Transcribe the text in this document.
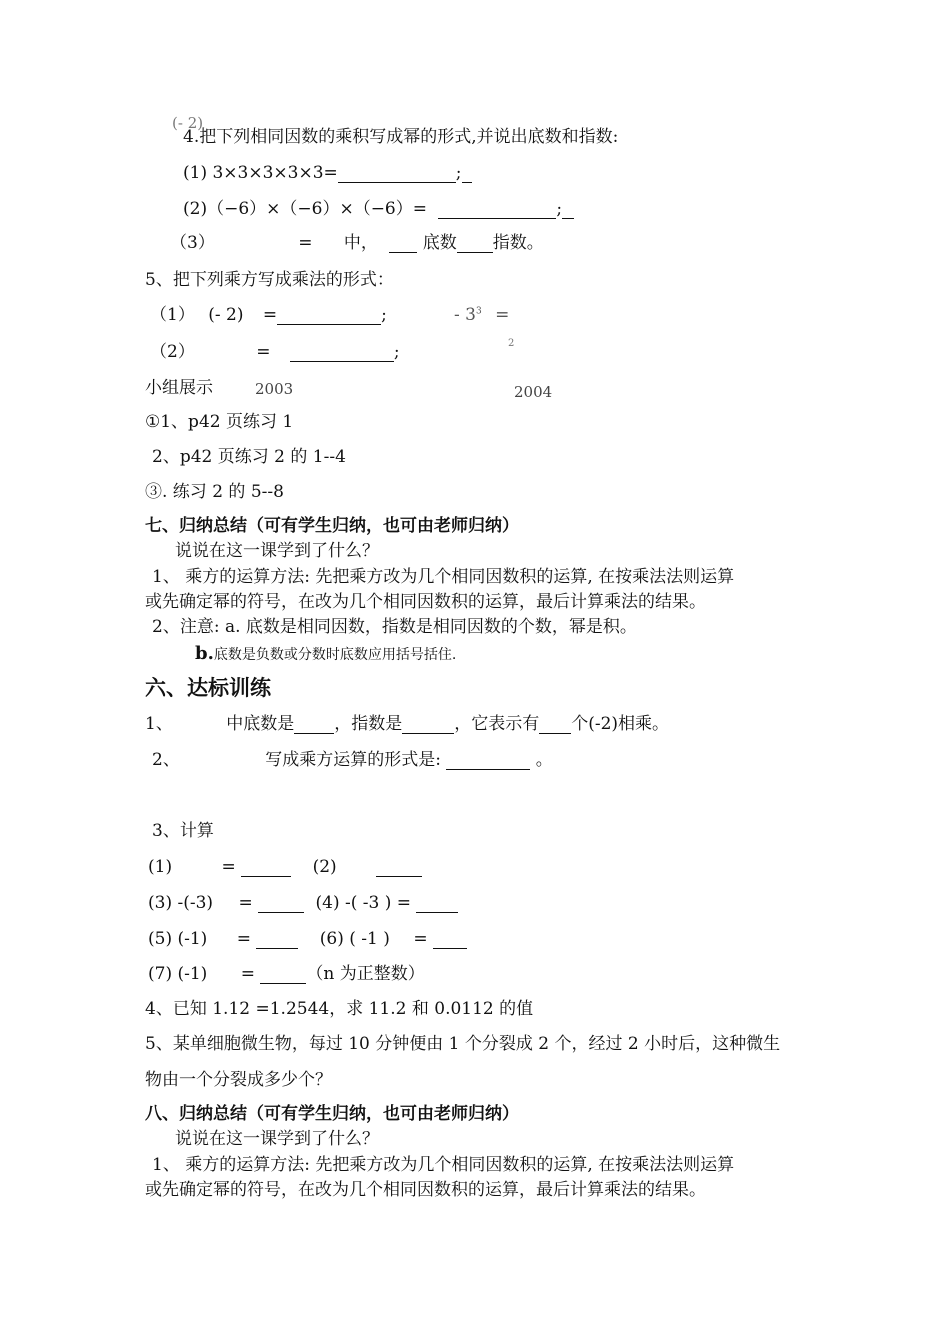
(- 2)
4.把下列相同因数的乘积写成幂的形式,并说出底数和指数:
(1) 3×3×3×3×3=	;
(2)（−6）×（−6）×（−6）=	;
（3）	= 中，	底数 指数。
5、把下列乘方写成乘法的形式：
（1） (- 2) =	;	- $3^3$ =
（2）	=	;	2
小组展示	2003	2004
①1、p42 页练习 1
2、p42 页练习 2 的 1--4
③. 练习 2 的 5--8
七、归纳总结（可有学生归纳，也可由老师归纳）
说说在这一课学到了什么？
1、 乘方的运算方法: 先把乘方改为几个相同因数积的运算, 在按乘法法则运算
或先确定幂的符号，在改为几个相同因数积的运算，最后计算乘法的结果。
2、注意: a. 底数是相同因数，指数是相同因数的个数，幂是积。
b.底数是负数或分数时底数应用括号括住.
六、达标训练
1、	中底数是 ，指数是	，它表示有 个(-2)相乘。
2、	写成乘方运算的形式是:	。
3、计算
(1)	=	(2)
(3) -(-3) =	(4) -( -3 ) =
(5) (-1) =	(6) ( -1 ) =
(7) (-1) =	（n 为正整数）
4、已知 1.12 =1.2544，求 11.2 和 0.0112 的值
5、某单细胞微生物，每过 10 分钟便由 1 个分裂成 2 个，经过 2 小时后，这种微生
物由一个分裂成多少个？
八、归纳总结（可有学生归纳，也可由老师归纳）
说说在这一课学到了什么？
1、 乘方的运算方法: 先把乘方改为几个相同因数积的运算, 在按乘法法则运算
或先确定幂的符号，在改为几个相同因数积的运算，最后计算乘法的结果。
